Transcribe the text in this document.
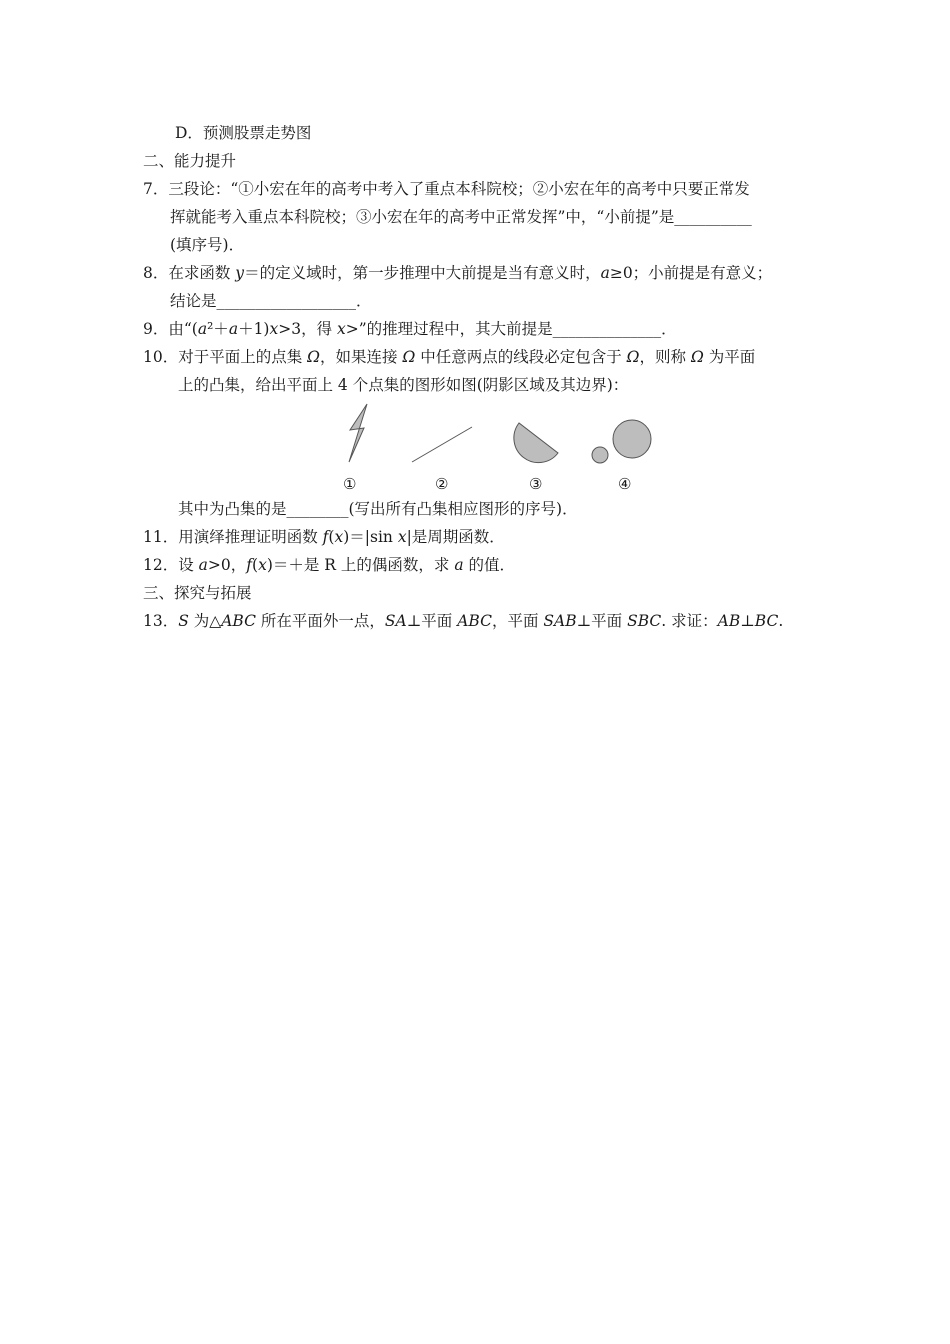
D．预测股票走势图
二、能力提升
7．三段论：“①小宏在年的高考中考入了重点本科院校；②小宏在年的高考中只要正常发
挥就能考入重点本科院校；③小宏在年的高考中正常发挥”中，“小前提”是__________
(填序号)．
8．在求函数 y＝的定义域时，第一步推理中大前提是当有意义时，a≥0；小前提是有意义；
结论是__________________．
9．由“(a²＋a＋1)x>3，得 x>”的推理过程中，其大前提是______________．
10．对于平面上的点集 Ω，如果连接 Ω 中任意两点的线段必定包含于 Ω，则称 Ω 为平面
上的凸集，给出平面上 4 个点集的图形如图(阴影区域及其边界)：
①	②	③	④
其中为凸集的是________(写出所有凸集相应图形的序号)．
11．用演绎推理证明函数 f(x)＝|sin x|是周期函数．
12．设 a>0，f(x)＝＋是 R 上的偶函数，求 a 的值．
三、探究与拓展
13．S 为△ABC 所在平面外一点，SA⊥平面 ABC，平面 SAB⊥平面 SBC. 求证：AB⊥BC.
